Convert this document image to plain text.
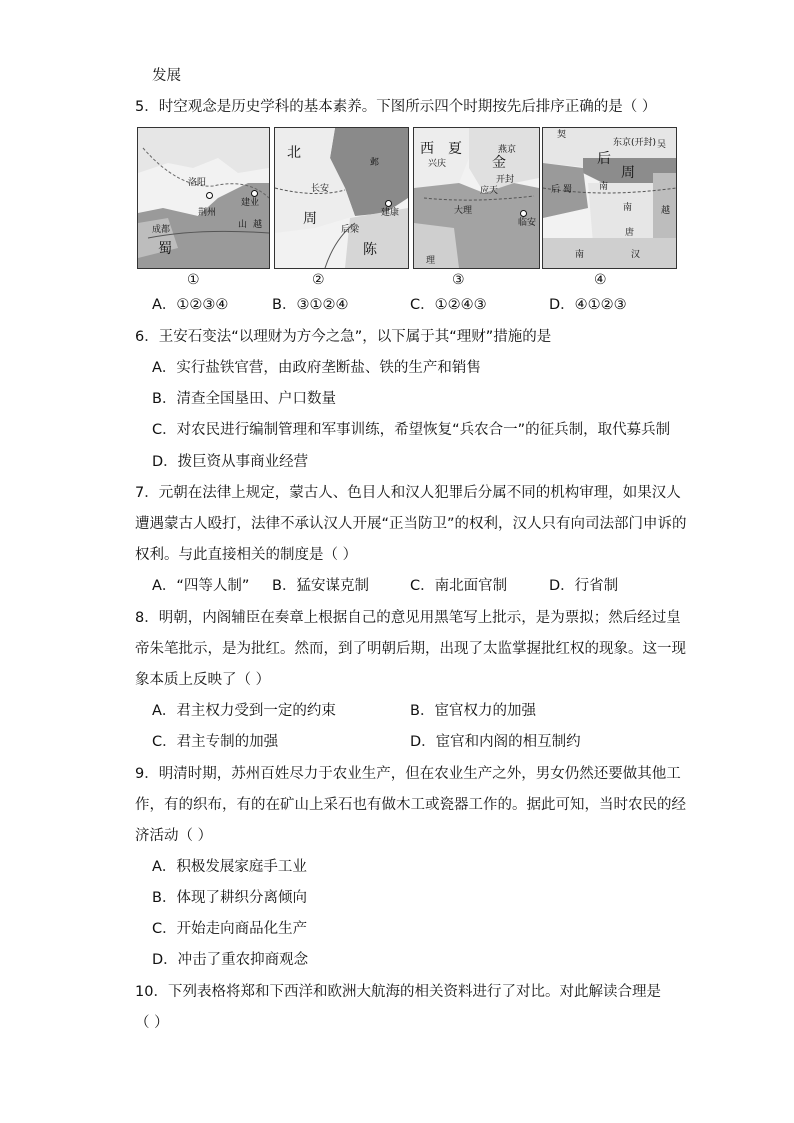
发展
5．时空观念是历史学科的基本素养。下图所示四个时期按先后排序正确的是（ ）
洛阳
成都
荆州
建业
山 越
蜀
北
长安
邺
建康
周
后梁
陈
西 夏
兴庆
燕京
金
开封
应天
大理
临安
理
契
东京(开封)
后
周
后 蜀	南
南
唐
吴
越
南	汉
①	②	③	④
A．①②③④	B．③①②④	C．①②④③	D．④①②③
6．王安石变法“以理财为方今之急”，以下属于其“理财”措施的是
A．实行盐铁官营，由政府垄断盐、铁的生产和销售
B．清查全国垦田、户口数量
C．对农民进行编制管理和军事训练，希望恢复“兵农合一”的征兵制，取代募兵制
D．拨巨资从事商业经营
7．元朝在法律上规定，蒙古人、色目人和汉人犯罪后分属不同的机构审理，如果汉人
遭遇蒙古人殴打，法律不承认汉人开展“正当防卫”的权利，汉人只有向司法部门申诉的
权利。与此直接相关的制度是（ ）
A．“四等人制” B．猛安谋克制	C．南北面官制	D．行省制
8．明朝，内阁辅臣在奏章上根据自己的意见用黑笔写上批示，是为票拟；然后经过皇
帝朱笔批示，是为批红。然而，到了明朝后期，出现了太监掌握批红权的现象。这一现
象本质上反映了（ ）
A．君主权力受到一定的约束	B．宦官权力的加强
C．君主专制的加强	D．宦官和内阁的相互制约
9．明清时期，苏州百姓尽力于农业生产，但在农业生产之外，男女仍然还要做其他工
作，有的织布，有的在矿山上采石也有做木工或瓷器工作的。据此可知，当时农民的经
济活动（ ）
A．积极发展家庭手工业
B．体现了耕织分离倾向
C．开始走向商品化生产
D．冲击了重农抑商观念
10．下列表格将郑和下西洋和欧洲大航海的相关资料进行了对比。对此解读合理是
（ ）
